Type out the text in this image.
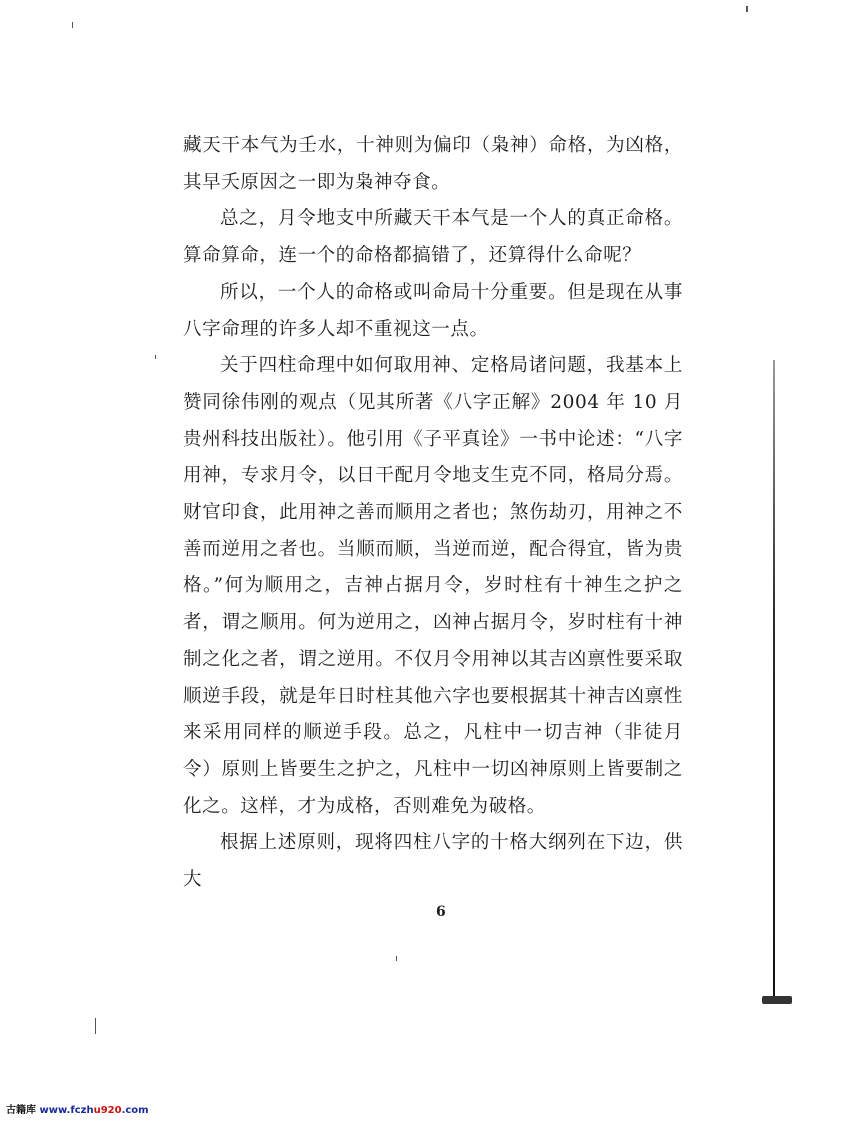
藏天干本气为壬水，十神则为偏印（枭神）命格，为凶格，其早夭原因之一即为枭神夺食。

总之，月令地支中所藏天干本气是一个人的真正命格。算命算命，连一个的命格都搞错了，还算得什么命呢？

所以，一个人的命格或叫命局十分重要。但是现在从事八字命理的许多人却不重视这一点。

关于四柱命理中如何取用神、定格局诸问题，我基本上赞同徐伟刚的观点（见其所著《八字正解》2004 年 10 月贵州科技出版社）。他引用《子平真诠》一书中论述：“八字用神，专求月令，以日干配月令地支生克不同，格局分焉。财官印食，此用神之善而顺用之者也；煞伤劫刃，用神之不善而逆用之者也。当顺而顺，当逆而逆，配合得宜，皆为贵格。”何为顺用之，吉神占据月令，岁时柱有十神生之护之者，谓之顺用。何为逆用之，凶神占据月令，岁时柱有十神制之化之者，谓之逆用。不仅月令用神以其吉凶禀性要采取顺逆手段，就是年日时柱其他六字也要根据其十神吉凶禀性来采用同样的顺逆手段。总之，凡柱中一切吉神（非徒月令）原则上皆要生之护之，凡柱中一切凶神原则上皆要制之化之。这样，才为成格，否则难免为破格。

根据上述原则，现将四柱八字的十格大纲列在下边，供大

6
古籍库 www.fczhu920.com
